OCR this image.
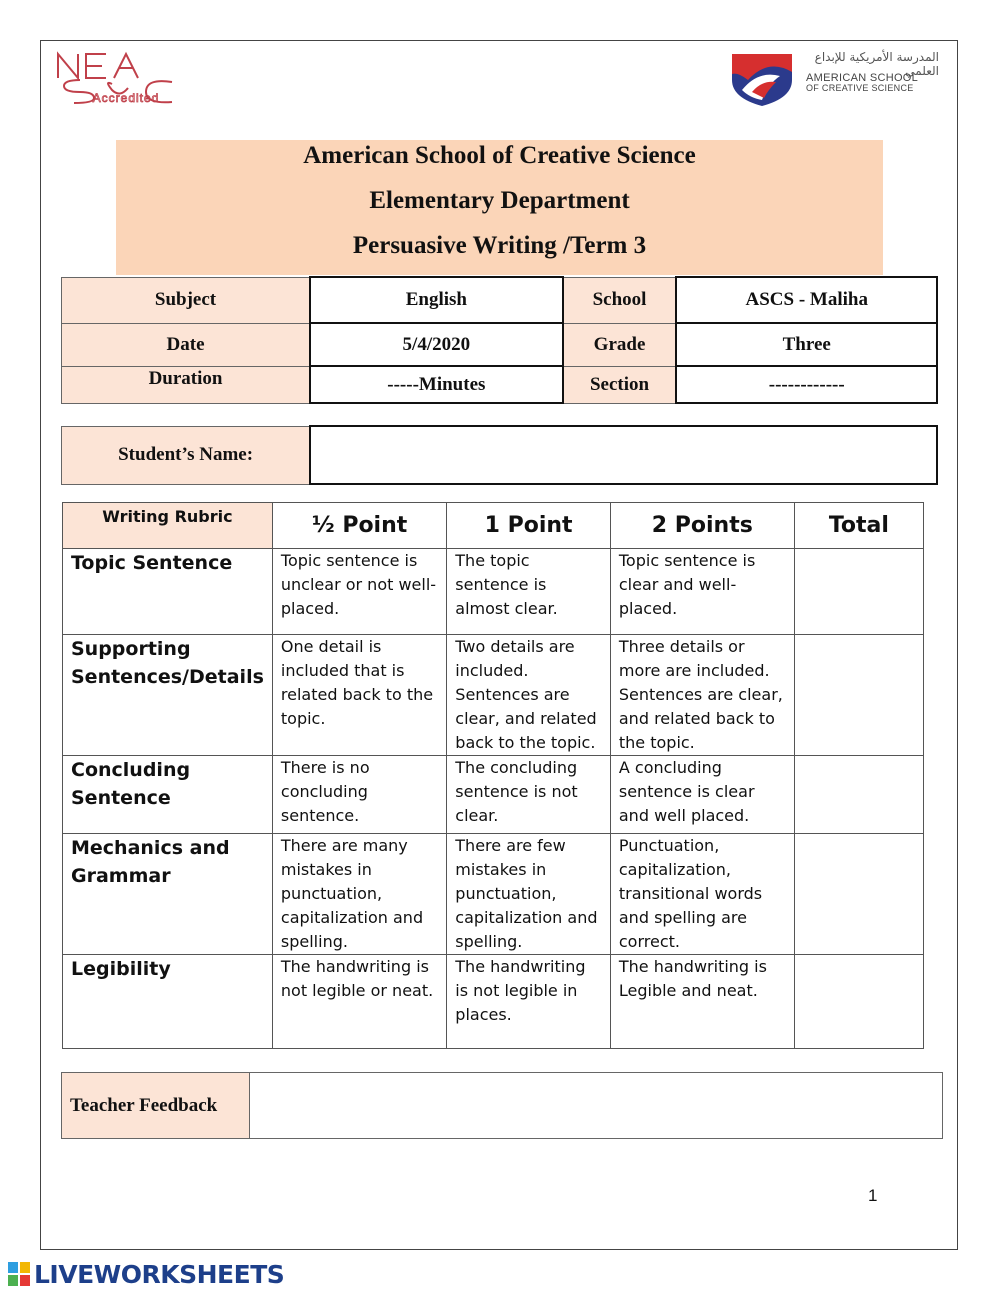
Accredited
المدرسة الأمريكية للإبداع العلمي
AMERICAN SCHOOL
OF CREATIVE SCIENCE
American School of Creative Science
Elementary Department
Persuasive Writing /Term 3
Subject	English	School	ASCS - Maliha
Date	5/4/2020	Grade	Three
Duration	-----Minutes	Section	------------
Student’s Name:	
Writing Rubric	½ Point	1 Point	2 Points	Total
Topic Sentence	Topic sentence is unclear or not well-placed.	The topic sentence is almost clear.	Topic sentence is clear and well-placed.	
Supporting Sentences/Details	One detail is included that is related back to the topic.	Two details are included. Sentences are clear, and related back to the topic.	Three details or more are included. Sentences are clear, and related back to the topic.	
Concluding Sentence	There is no concluding sentence.	The concluding sentence is not clear.	A concluding sentence is clear and well placed.	
Mechanics and Grammar	There are many mistakes in punctuation, capitalization and spelling.	There are few mistakes in punctuation, capitalization and spelling.	Punctuation, capitalization, transitional words and spelling are correct.	
Legibility	The handwriting is not legible or neat.	The handwriting is not legible in places.	The handwriting is Legible and neat.	
Teacher Feedback	
1
LIVEWORKSHEETS
